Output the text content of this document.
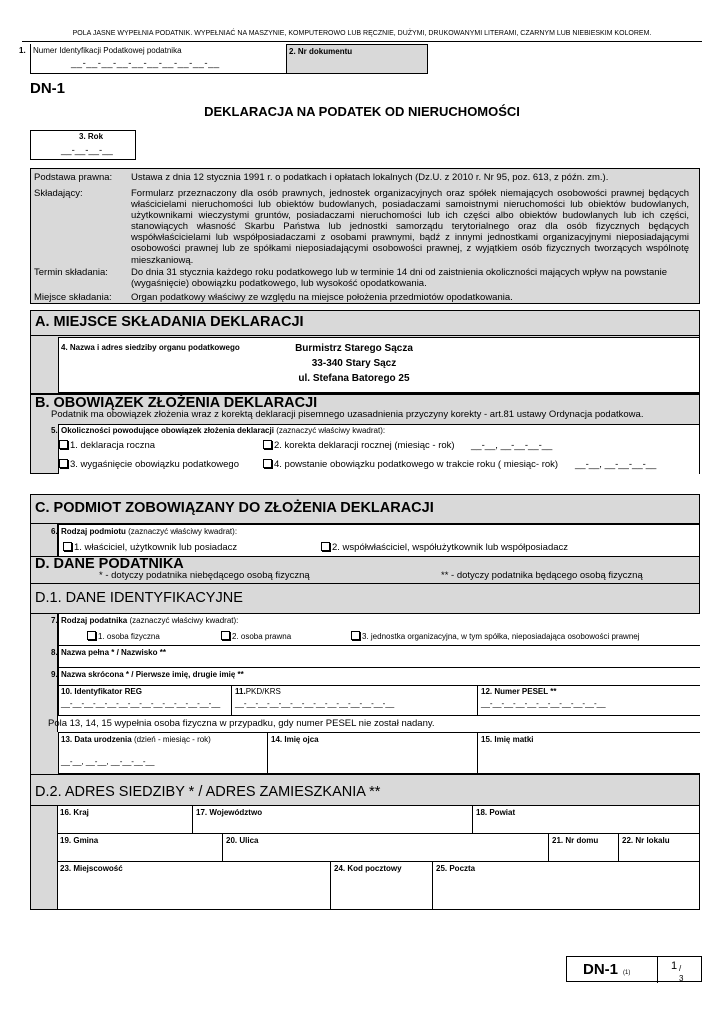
POLA JASNE WYPEŁNIA PODATNIK. WYPEŁNIAĆ NA MASZYNIE, KOMPUTEROWO LUB RĘCZNIE, DUŻYMI, DRUKOWANYMI LITERAMI, CZARNYM LUB NIEBIESKIM KOLOREM.
1. Numer Identyfikacji Podatkowej podatnika
__-__-__-__-__-__-__-__-__-__
2. Nr dokumentu
DN-1
DEKLARACJA NA PODATEK OD NIERUCHOMOŚCI
3. Rok
__-__-__-__
Podstawa prawna:	Ustawa z dnia 12 stycznia 1991 r. o podatkach i opłatach lokalnych (Dz.U. z 2010 r. Nr 95, poz. 613, z późn. zm.).
Składający:	Formularz przeznaczony dla osób prawnych, jednostek organizacyjnych oraz spółek niemających osobowości prawnej będących właścicielami nieruchomości lub obiektów budowlanych, posiadaczami samoistnymi nieruchomości lub obiektów budowlanych, użytkownikami wieczystymi gruntów, posiadaczami nieruchomości lub ich części albo obiektów budowlanych lub ich części, stanowiących własność Skarbu Państwa lub jednostki samorządu terytorialnego oraz dla osób fizycznych będących współwłaścicielami lub współposiadaczami z osobami prawnymi, bądź z innymi jednostkami organizacyjnymi nieposiadającymi osobowości prawnej lub ze spółkami nieposiadającymi osobowości prawnej, z wyjątkiem osób fizycznych tworzących wspólnotę mieszkaniową.
Termin składania:	Do dnia 31 stycznia każdego roku podatkowego lub w terminie 14 dni od zaistnienia okoliczności mających wpływ na powstanie (wygaśnięcie) obowiązku podatkowego, lub wysokość opodatkowania.
Miejsce składania:	Organ podatkowy właściwy ze względu na miejsce położenia przedmiotów opodatkowania.
A. MIEJSCE SKŁADANIA DEKLARACJI
4. Nazwa i adres siedziby organu podatkowego	Burmistrz Starego Sącza
33-340 Stary Sącz
ul. Stefana Batorego 25
B. OBOWIĄZEK ZŁOŻENIA DEKLARACJI
Podatnik ma obowiązek złożenia wraz z korektą deklaracji pisemnego uzasadnienia przyczyny korekty - art.81 ustawy Ordynacja podatkowa.
5. Okoliczności powodujące obowiązek złożenia deklaracji (zaznaczyć właściwy kwadrat):
1. deklaracja roczna	2. korekta deklaracji rocznej (miesiąc - rok) __-__, __-__-__-__
3. wygaśnięcie obowiązku podatkowego	4. powstanie obowiązku podatkowego w trakcie roku ( miesiąc- rok) __-__, __-__-__-__
C. PODMIOT ZOBOWIĄZANY DO ZŁOŻENIA DEKLARACJI
6. Rodzaj podmiotu (zaznaczyć właściwy kwadrat):
1. właściciel, użytkownik lub posiadacz	2. współwłaściciel, współużytkownik lub współposiadacz
D. DANE PODATNIKA
* - dotyczy podatnika niebędącego osobą fizyczną	** - dotyczy podatnika będącego osobą fizyczną
D.1. DANE IDENTYFIKACYJNE
7. Rodzaj podatnika (zaznaczyć właściwy kwadrat):
1. osoba fizyczna	2. osoba prawna	3. jednostka organizacyjna, w tym spółka, nieposiadająca osobowości prawnej
8. Nazwa pełna * / Nazwisko **
9. Nazwa skrócona * / Pierwsze imię, drugie imię **
10. Identyfikator REG
__-__-__-__-__-__-__-__-__-__-__-__-__-__
11.PKD/KRS
__-__-__-__-__-__-__-__-__-__-__-__-__-__
12. Numer PESEL **
__-__-__-__-__-__-__-__-__-__-__
Pola 13, 14, 15 wypełnia osoba fizyczna w przypadku, gdy numer PESEL nie został nadany.
13. Data urodzenia (dzień - miesiąc - rok)
__-__, __-__, __-__-__-__
14. Imię ojca	15. Imię matki
D.2. ADRES SIEDZIBY * / ADRES ZAMIESZKANIA **
16. Kraj	17. Województwo	18. Powiat
19. Gmina	20. Ulica	21. Nr domu	22. Nr lokalu
23. Miejscowość	24. Kod pocztowy	25. Poczta
DN-1 (1)
1 /
3
